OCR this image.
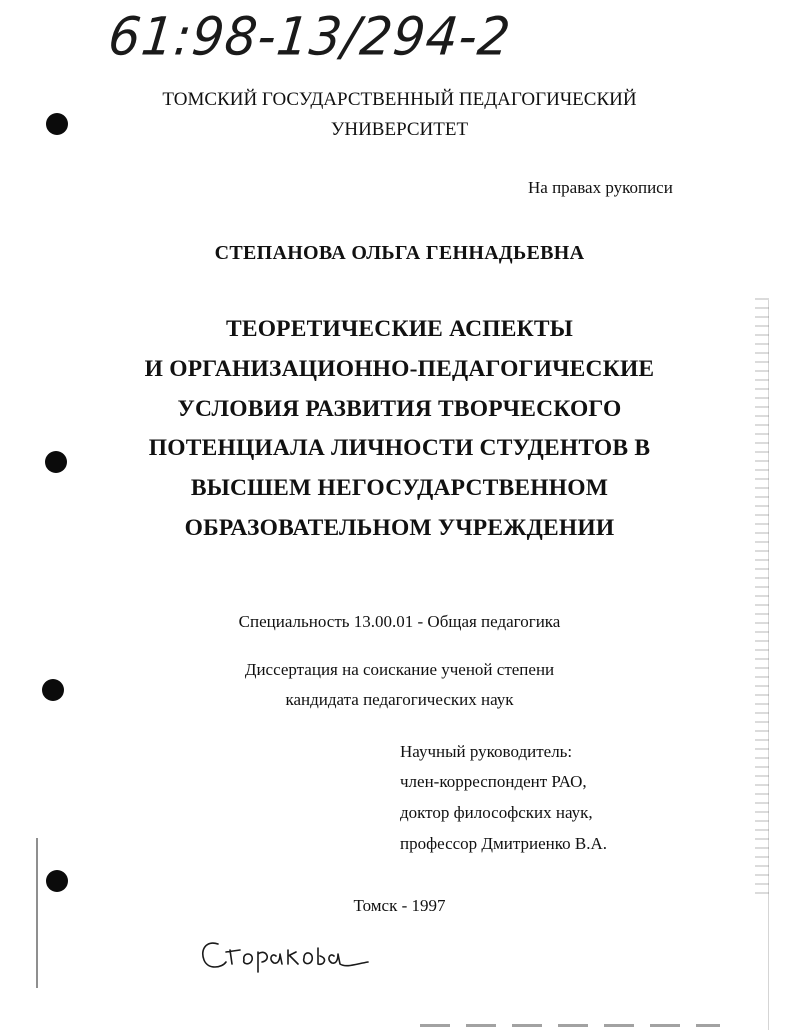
61:98-13/294-2
ТОМСКИЙ ГОСУДАРСТВЕННЫЙ ПЕДАГОГИЧЕСКИЙ
УНИВЕРСИТЕТ
На правах рукописи
СТЕПАНОВА ОЛЬГА ГЕННАДЬЕВНА
ТЕОРЕТИЧЕСКИЕ АСПЕКТЫ
И ОРГАНИЗАЦИОННО-ПЕДАГОГИЧЕСКИЕ
УСЛОВИЯ РАЗВИТИЯ ТВОРЧЕСКОГО
ПОТЕНЦИАЛА ЛИЧНОСТИ СТУДЕНТОВ В
ВЫСШЕМ НЕГОСУДАРСТВЕННОМ
ОБРАЗОВАТЕЛЬНОМ УЧРЕЖДЕНИИ
Специальность 13.00.01 - Общая педагогика
Диссертация на соискание ученой степени
кандидата педагогических наук
Научный руководитель:
член-корреспондент РАО,
доктор философских наук,
профессор Дмитриенко В.А.
Томск - 1997
